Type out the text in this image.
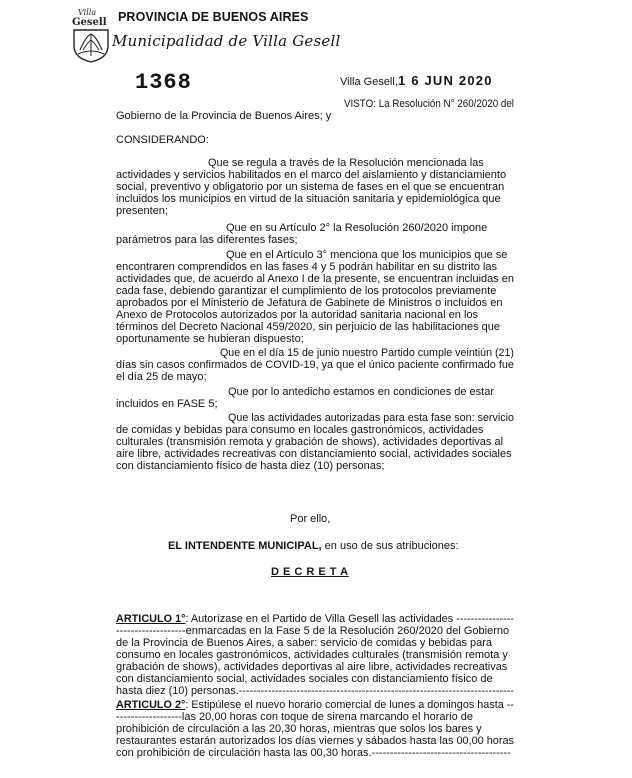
Villa
Gesell PROVINCIA DE BUENOS AIRES
Municipalidad de Villa Gesell
1368	Villa Gesell, 1 6 JUN 2020
VISTO: La Resolución N° 260/2020 del
Gobierno de la Provincia de Buenos Aires; y
CONSIDERANDO:
Que se regula a través de la Resolución mencionada las
actividades y servicios habilitados en el marco del aislamiento y distanciamiento
social, preventivo y obligatorio por un sistema de fases en el que se encuentran
incluidos los municipios en virtud de la situación sanitaria y epidemiológica que
presenten;
Que en su Artículo 2° la Resolución 260/2020 impone
parámetros para las diferentes fases;
Que en el Artículo 3° menciona que los municipios que se
encontraren comprendidos en las fases 4 y 5 podrán habilitar en su distrito las
actividades que, de acuerdo al Anexo I de la presente, se encuentran incluidas en
cada fase, debiendo garantizar el cumplimiento de los protocolos previamente
aprobados por el Ministerio de Jefatura de Gabinete de Ministros o incluidos en
Anexo de Protocolos autorizados por la autoridad sanitaria nacional en los
términos del Decreto Nacional 459/2020, sin perjuicio de las habilitaciones que
oportunamente se hubieran dispuesto;
Que en el día 15 de junio nuestro Partido cumple veintiún (21)
días sin casos confirmados de COVID-19, ya que el único paciente confirmado fue
el día 25 de mayo;
Que por lo antedicho estamos en condiciones de estar
incluidos en FASE 5;
Que las actividades autorizadas para esta fase son: servicio
de comidas y bebidas para consumo en locales gastronómicos, actividades
culturales (transmisión remota y grabación de shows), actividades deportivas al
aire libre, actividades recreativas con distanciamiento social, actividades sociales
con distanciamiento físico de hasta diez (10) personas;
Por ello,
EL INTENDENTE MUNICIPAL, en uso de sus atribuciones:
D E C R E T A
ARTICULO 1°: Autorízase en el Partido de Villa Gesell las actividades ----------------
-------------------enmarcadas en la Fase 5 de la Resolución 260/2020 del Gobierno
de la Provincia de Buenos Aires, a saber: servicio de comidas y bebidas para
consumo en locales gastronómicos, actividades culturales (transmisión remota y
grabación de shows), actividades deportivas al aire libre, actividades recreativas
con distanciamiento social, actividades sociales con distanciamiento físico de
hasta diez (10) personas.----------------------------------------------------------------------------
ARTICULO 2°: Estipúlese el nuevo horario comercial de lunes a domingos hasta --
------------------las 20,00 horas con toque de sirena marcando el horario de
prohibición de circulación a las 20,30 horas, mientras que solos los bares y
restaurantes estarán autorizados los días viernes y sábados hasta las 00,00 horas
con prohibición de circulación hasta las 00,30 horas.--------------------------------------
